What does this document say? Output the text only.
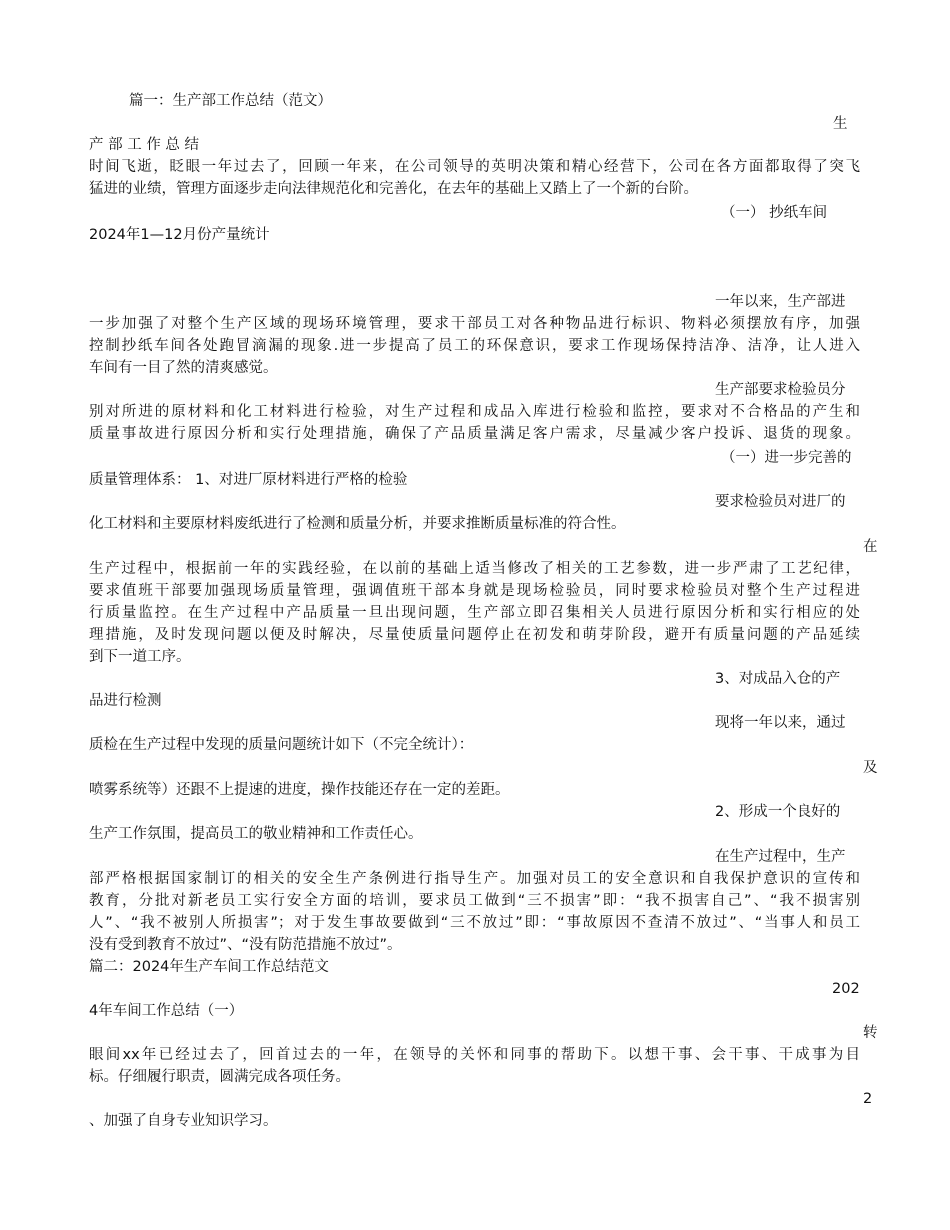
篇一：生产部工作总结（范文）
生
产 部 工 作 总 结
时间飞逝，眨眼一年过去了，回顾一年来，在公司领导的英明决策和精心经营下，公司在各方面都取得了突飞
猛进的业绩，管理方面逐步走向法律规范化和完善化，在去年的基础上又踏上了一个新的台阶。
（一） 抄纸车间
2024年1—12月份产量统计
一年以来，生产部进
一步加强了对整个生产区域的现场环境管理，要求干部员工对各种物品进行标识、物料必须摆放有序，加强
控制抄纸车间各处跑冒滴漏的现象.进一步提高了员工的环保意识，要求工作现场保持洁净、洁净，让人进入
车间有一目了然的清爽感觉。
生产部要求检验员分
别对所进的原材料和化工材料进行检验，对生产过程和成品入库进行检验和监控，要求对不合格品的产生和
质量事故进行原因分析和实行处理措施，确保了产品质量满足客户需求，尽量减少客户投诉、退货的现象。
（一）进一步完善的
质量管理体系： 1、对进厂原材料进行严格的检验
要求检验员对进厂的
化工材料和主要原材料废纸进行了检测和质量分析，并要求推断质量标准的符合性。
在
生产过程中，根据前一年的实践经验，在以前的基础上适当修改了相关的工艺参数，进一步严肃了工艺纪律，
要求值班干部要加强现场质量管理，强调值班干部本身就是现场检验员，同时要求检验员对整个生产过程进
行质量监控。在生产过程中产品质量一旦出现问题，生产部立即召集相关人员进行原因分析和实行相应的处
理措施，及时发现问题以便及时解决，尽量使质量问题停止在初发和萌芽阶段，避开有质量问题的产品延续
到下一道工序。
3、对成品入仓的产
品进行检测
现将一年以来，通过
质检在生产过程中发现的质量问题统计如下（不完全统计）：
及
喷雾系统等）还跟不上提速的进度，操作技能还存在一定的差距。
2、形成一个良好的
生产工作氛围，提高员工的敬业精神和工作责任心。
在生产过程中，生产
部严格根据国家制订的相关的安全生产条例进行指导生产。加强对员工的安全意识和自我保护意识的宣传和
教育，分批对新老员工实行安全方面的培训，要求员工做到“三不损害”即：“我不损害自己”、“我不损害别
人”、“我不被别人所损害”；对于发生事故要做到“三不放过”即：“事故原因不查清不放过”、“当事人和员工
没有受到教育不放过”、“没有防范措施不放过”。
篇二：2024年生产车间工作总结范文
202
4年车间工作总结（一）
转
眼间xx年已经过去了，回首过去的一年，在领导的关怀和同事的帮助下。以想干事、会干事、干成事为目
标。仔细履行职责，圆满完成各项任务。
2
、加强了自身专业知识学习。
